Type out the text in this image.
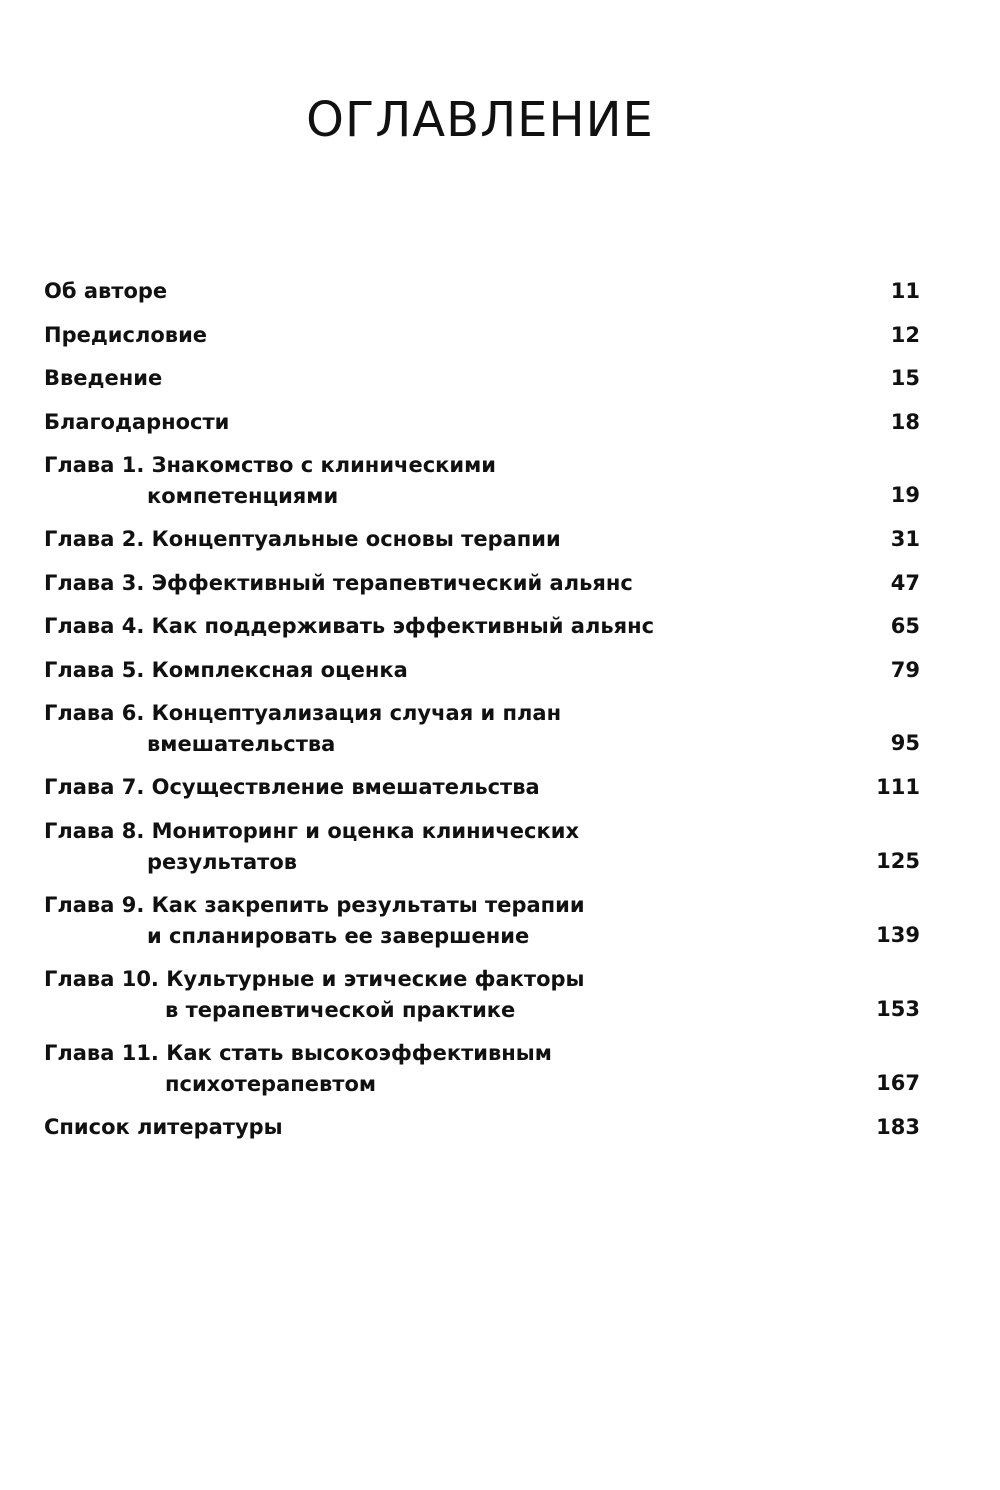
ОГЛАВЛЕНИЕ
Об авторе	11
Предисловие	12
Введение	15
Благодарности	18
Глава 1. Знакомство с клиническими
компетенциями	19
Глава 2. Концептуальные основы терапии	31
Глава 3. Эффективный терапевтический альянс	47
Глава 4. Как поддерживать эффективный альянс	65
Глава 5. Комплексная оценка	79
Глава 6. Концептуализация случая и план
вмешательства	95
Глава 7. Осуществление вмешательства	111
Глава 8. Мониторинг и оценка клинических
результатов	125
Глава 9. Как закрепить результаты терапии
и спланировать ее завершение	139
Глава 10. Культурные и этические факторы
в терапевтической практике	153
Глава 11. Как стать высокоэффективным
психотерапевтом	167
Список литературы	183
